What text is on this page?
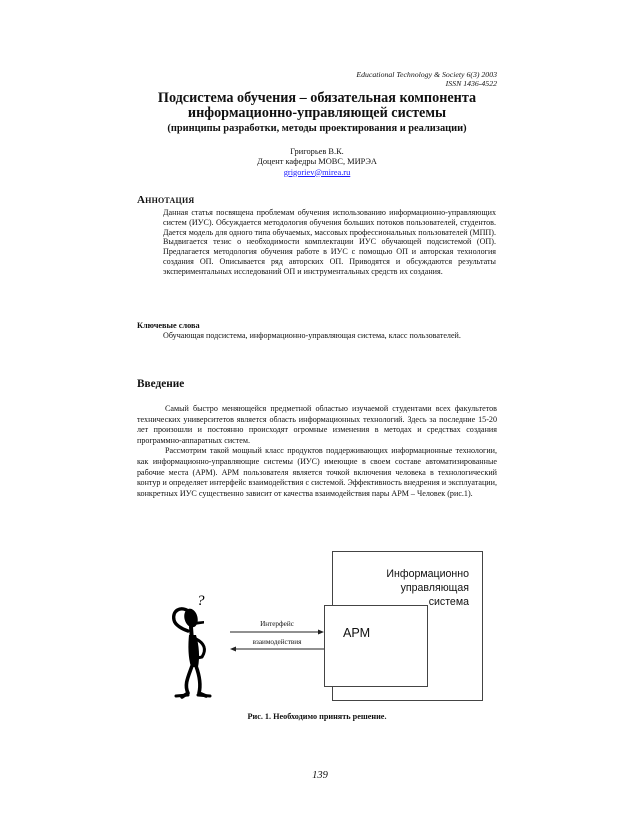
Educational Technology & Society 6(3) 2003
ISSN 1436-4522
Подсистема обучения – обязательная компонента
информационно-управляющей системы
(принципы разработки, методы проектирования и реализации)
Григорьев В.К.
Доцент кафедры МОВС, МИРЭА
grigoriev@mirea.ru
Аннотация
Данная статья посвящена проблемам обучения использованию информационно-управляющих систем (ИУС). Обсуждается методология обучения больших потоков пользователей, студентов. Дается модель для одного типа обучаемых, массовых профессиональных пользователей (МПП). Выдвигается тезис о необходимости комплектации ИУС обучающей подсистемой (ОП). Предлагается методология обучения работе в ИУС с помощью ОП и авторская технология создания ОП. Описывается ряд авторских ОП. Приводятся и обсуждаются результаты экспериментальных исследований ОП и инструментальных средств их создания.
Ключевые слова
Обучающая подсистема, информационно-управляющая система, класс пользователей.
Введение

Самый быстро меняющейся предметной областью изучаемой студентами всех факультетов технических университетов является область информационных технологий. Здесь за последние 15-20 лет произошли и постоянно происходят огромные изменения в методах и средствах создания программно-аппаратных систем.

Рассмотрим такой мощный класс продуктов поддерживающих информационные технологии, как информационно-управляющие системы (ИУС) имеющие в своем составе автоматизированные рабочие места (АРМ). АРМ пользователя является точкой включения человека в технологический контур и определяет интерфейс взаимодействия с системой. Эффективность внедрения и эксплуатации, конкретных ИУС существенно зависит от качества взаимодействия пары АРМ – Человек (рис.1).

Информационно
управляющая
система
АРМ
Интерфейс
взаимодействия
?
Рис. 1. Необходимо принять решение.
139
